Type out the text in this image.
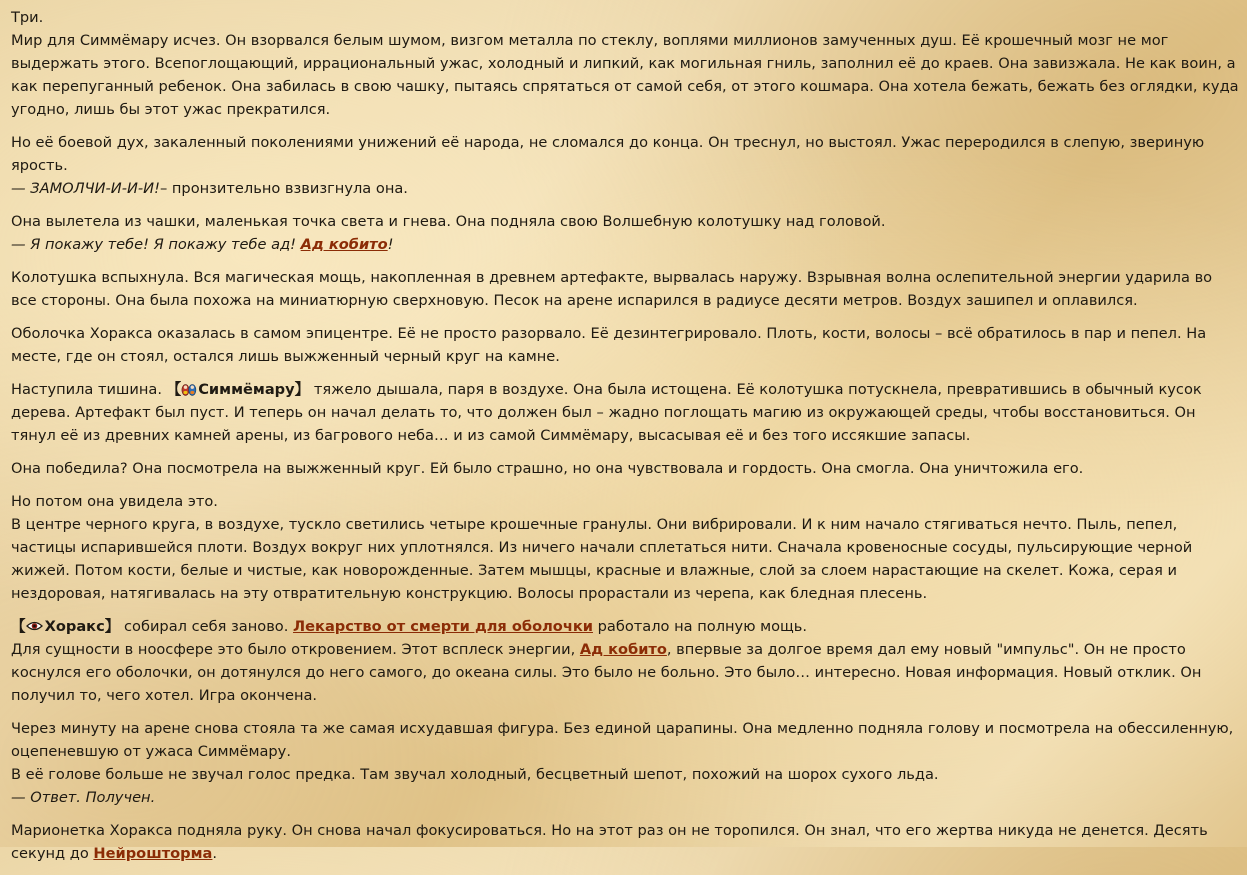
Три.
Мир для Симмёмару исчез. Он взорвался белым шумом, визгом металла по стеклу, воплями миллионов замученных душ. Её крошечный мозг не мог выдержать этого. Всепоглощающий, иррациональный ужас, холодный и липкий, как могильная гниль, заполнил её до краев. Она завизжала. Не как воин, а как перепуганный ребенок. Она забилась в свою чашку, пытаясь спрятаться от самой себя, от этого кошмара. Она хотела бежать, бежать без оглядки, куда угодно, лишь бы этот ужас прекратился.

Но её боевой дух, закаленный поколениями унижений её народа, не сломался до конца. Он треснул, но выстоял. Ужас переродился в слепую, звериную ярость.
— ЗАМОЛЧИ-И-И-И!– пронзительно взвизгнула она.

Она вылетела из чашки, маленькая точка света и гнева. Она подняла свою Волшебную колотушку над головой.
— Я покажу тебе! Я покажу тебе ад! Ад кобито!

Колотушка вспыхнула. Вся магическая мощь, накопленная в древнем артефакте, вырвалась наружу. Взрывная волна ослепительной энергии ударила во все стороны. Она была похожа на миниатюрную сверхновую. Песок на арене испарился в радиусе десяти метров. Воздух зашипел и оплавился.

Оболочка Хоракса оказалась в самом эпицентре. Её не просто разорвало. Её дезинтегрировало. Плоть, кости, волосы – всё обратилось в пар и пепел. На месте, где он стоял, остался лишь выжженный черный круг на камне.

Наступила тишина. 【 Симмёмару】 тяжело дышала, паря в воздухе. Она была истощена. Её колотушка потускнела, превратившись в обычный кусок дерева. Артефакт был пуст. И теперь он начал делать то, что должен был – жадно поглощать магию из окружающей среды, чтобы восстановиться. Он тянул её из древних камней арены, из багрового неба… и из самой Симмёмару, высасывая её и без того иссякшие запасы.

Она победила? Она посмотрела на выжженный круг. Ей было страшно, но она чувствовала и гордость. Она смогла. Она уничтожила его.

Но потом она увидела это.
В центре черного круга, в воздухе, тускло светились четыре крошечные гранулы. Они вибрировали. И к ним начало стягиваться нечто. Пыль, пепел, частицы испарившейся плоти. Воздух вокруг них уплотнялся. Из ничего начали сплетаться нити. Сначала кровеносные сосуды, пульсирующие черной жижей. Потом кости, белые и чистые, как новорожденные. Затем мышцы, красные и влажные, слой за слоем нарастающие на скелет. Кожа, серая и нездоровая, натягивалась на эту отвратительную конструкцию. Волосы прорастали из черепа, как бледная плесень.

【 Хоракс】 собирал себя заново. Лекарство от смерти для оболочки работало на полную мощь.
Для сущности в ноосфере это было откровением. Этот всплеск энергии, Ад кобито, впервые за долгое время дал ему новый "импульс". Он не просто коснулся его оболочки, он дотянулся до него самого, до океана силы. Это было не больно. Это было… интересно. Новая информация. Новый отклик. Он получил то, чего хотел. Игра окончена.

Через минуту на арене снова стояла та же самая исхудавшая фигура. Без единой царапины. Она медленно подняла голову и посмотрела на обессиленную, оцепеневшую от ужаса Симмёмару.
В её голове больше не звучал голос предка. Там звучал холодный, бесцветный шепот, похожий на шорох сухого льда.
— Ответ. Получен.

Марионетка Хоракса подняла руку. Он снова начал фокусироваться. Но на этот раз он не торопился. Он знал, что его жертва никуда не денется. Десять секунд до Нейрошторма.
